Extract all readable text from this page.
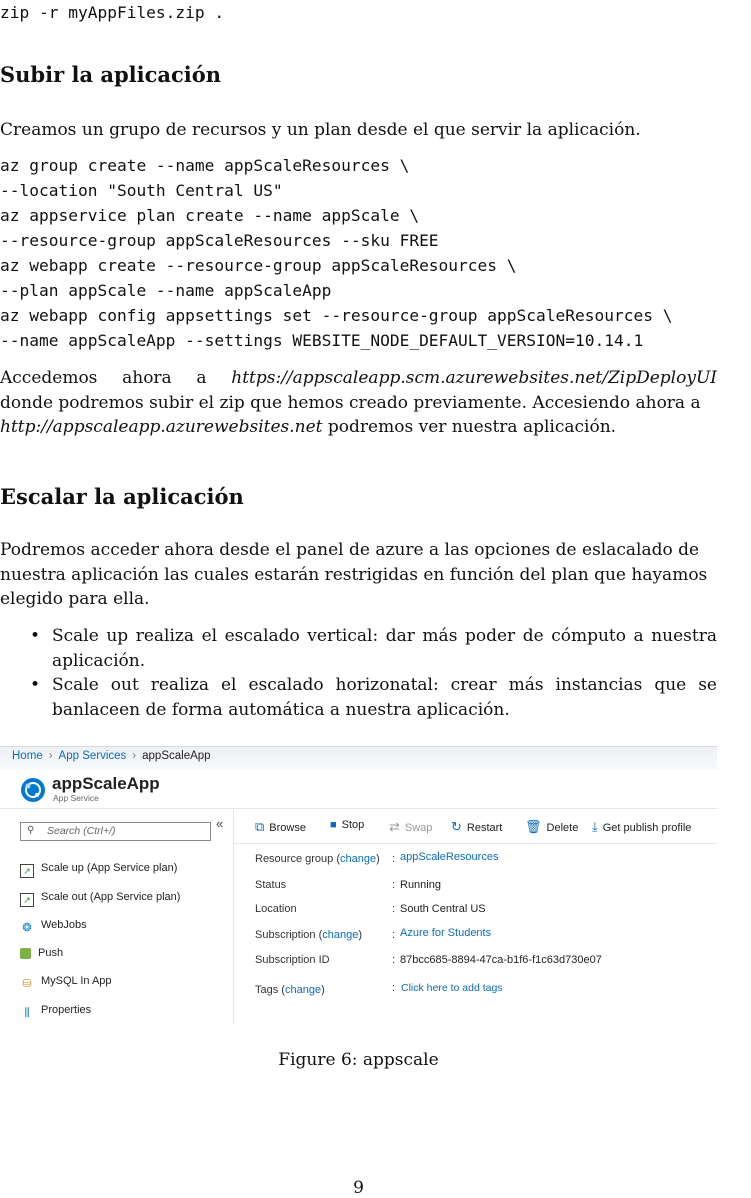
zip -r myAppFiles.zip .
Subir la aplicación
Creamos un grupo de recursos y un plan desde el que servir la aplicación.
az group create --name appScaleResources \
--location "South Central US"
az appservice plan create --name appScale \
--resource-group appScaleResources --sku FREE
az webapp create --resource-group appScaleResources \
--plan appScale --name appScaleApp
az webapp config appsettings set --resource-group appScaleResources \
--name appScaleApp --settings WEBSITE_NODE_DEFAULT_VERSION=10.14.1
Accedemos ahora a https://appscaleapp.scm.azurewebsites.net/ZipDeployUI
donde podremos subir el zip que hemos creado previamente. Accesiendo ahora a
http://appscaleapp.azurewebsites.net podremos ver nuestra aplicación.
Escalar la aplicación
Podremos acceder ahora desde el panel de azure a las opciones de eslacalado de
nuestra aplicación las cuales estarán restrigidas en función del plan que hayamos
elegido para ella.
• Scale up realiza el escalado vertical: dar más poder de cómputo a nuestra
aplicación.
• Scale out realiza el escalado horizonatal: crear más instancias que se
banlaceen de forma automática a nuestra aplicación.
Home › App Services › appScaleApp
appScaleApp
App Service
⚲ Search (Ctrl+/)	«
↗ Scale up (App Service plan)
↗ Scale out (App Service plan)
❂ WebJobs
Push
⛁ MySQL In App
⫼ Properties
⧉ Browse ■ Stop ⇄ Swap ↻ Restart 🗑 Delete ⤓ Get publish profile
Resource group (change) : appScaleResources
Status	: Running
Location	: South Central US
Subscription (change)	: Azure for Students
Subscription ID	: 87bcc685-8894-47ca-b1f6-f1c63d730e07
Tags (change)	: Click here to add tags
Figure 6: appscale
9
